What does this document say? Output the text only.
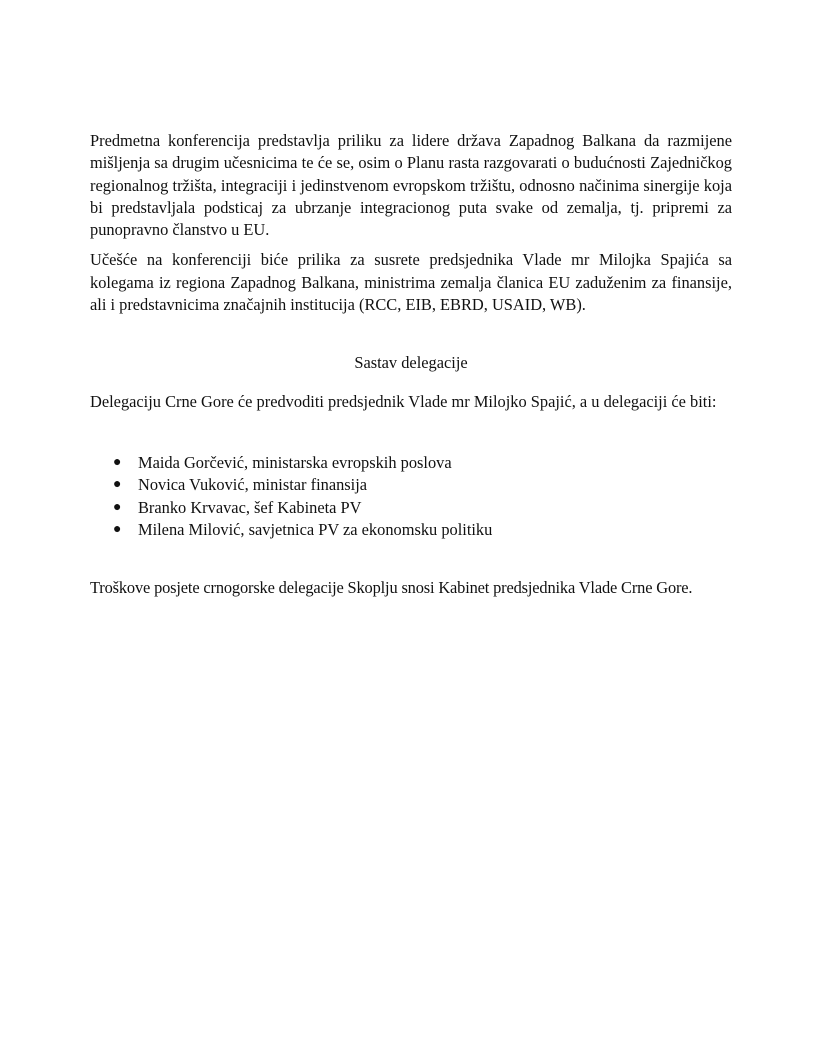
Predmetna konferencija predstavlja priliku za lidere država Zapadnog Balkana da razmijene mišljenja sa drugim učesnicima te će se, osim o Planu rasta razgovarati o budućnosti Zajedničkog regionalnog tržišta, integraciji i jedinstvenom evropskom tržištu, odnosno načinima sinergije koja bi predstavljala podsticaj za ubrzanje integracionog puta svake od zemalja, tj. pripremi za punopravno članstvo u EU.

Učešće na konferenciji biće prilika za susrete predsjednika Vlade mr Milojka Spajića sa kolegama iz regiona Zapadnog Balkana, ministrima zemalja članica EU zaduženim za finansije, ali i predstavnicima značajnih institucija (RCC, EIB, EBRD, USAID, WB).

Sastav delegacije

Delegaciju Crne Gore će predvoditi predsjednik Vlade mr Milojko Spajić, a u delegaciji će biti:

● Maida Gorčević, ministarska evropskih poslova
● Novica Vuković, ministar finansija
● Branko Krvavac, šef Kabineta PV
● Milena Milović, savjetnica PV za ekonomsku politiku

Troškove posjete crnogorske delegacije Skoplju snosi Kabinet predsjednika Vlade Crne Gore.
